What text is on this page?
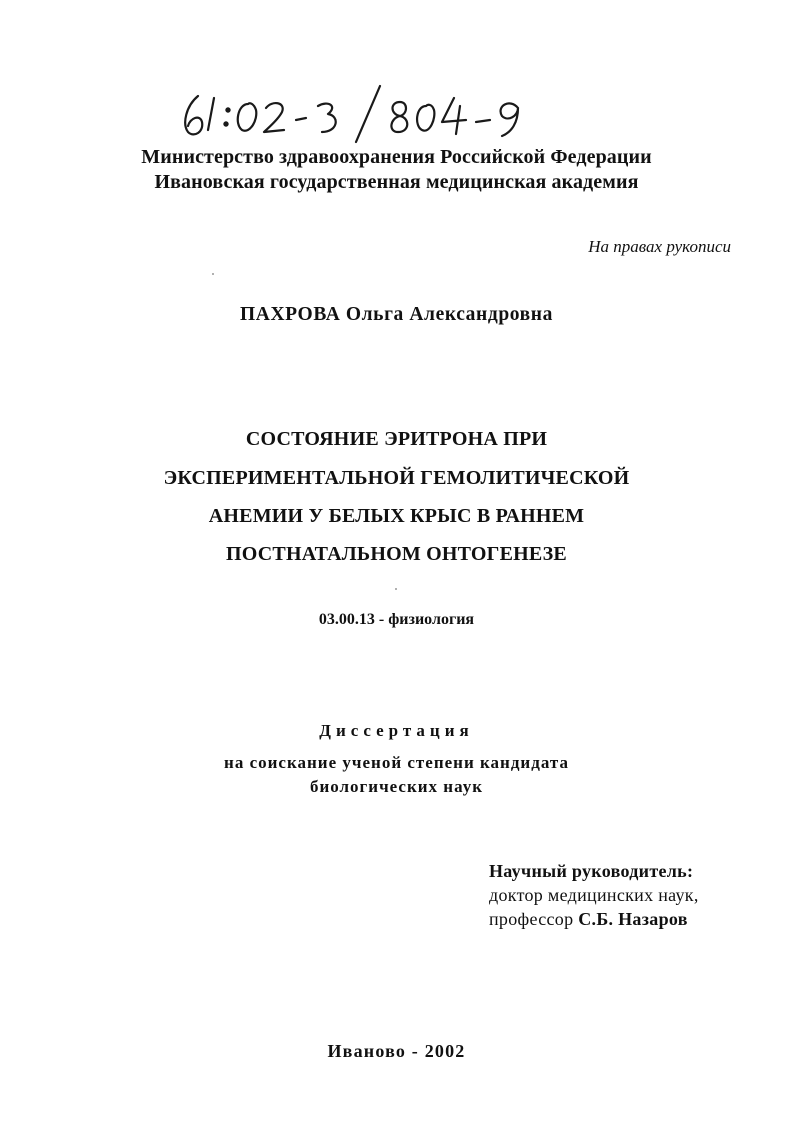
Министерство здравоохранения Российской Федерации
Ивановская государственная медицинская академия
На правах рукописи
ПАХРОВА Ольга Александровна
СОСТОЯНИЕ ЭРИТРОНА ПРИ
ЭКСПЕРИМЕНТАЛЬНОЙ ГЕМОЛИТИЧЕСКОЙ
АНЕМИИ У БЕЛЫХ КРЫС В РАННЕМ
ПОСТНАТАЛЬНОМ ОНТОГЕНЕЗЕ
03.00.13 - физиология
Диссертация
на соискание ученой степени кандидата
биологических наук
Научный руководитель:
доктор медицинских наук,
профессор С.Б. Назаров
Иваново - 2002
